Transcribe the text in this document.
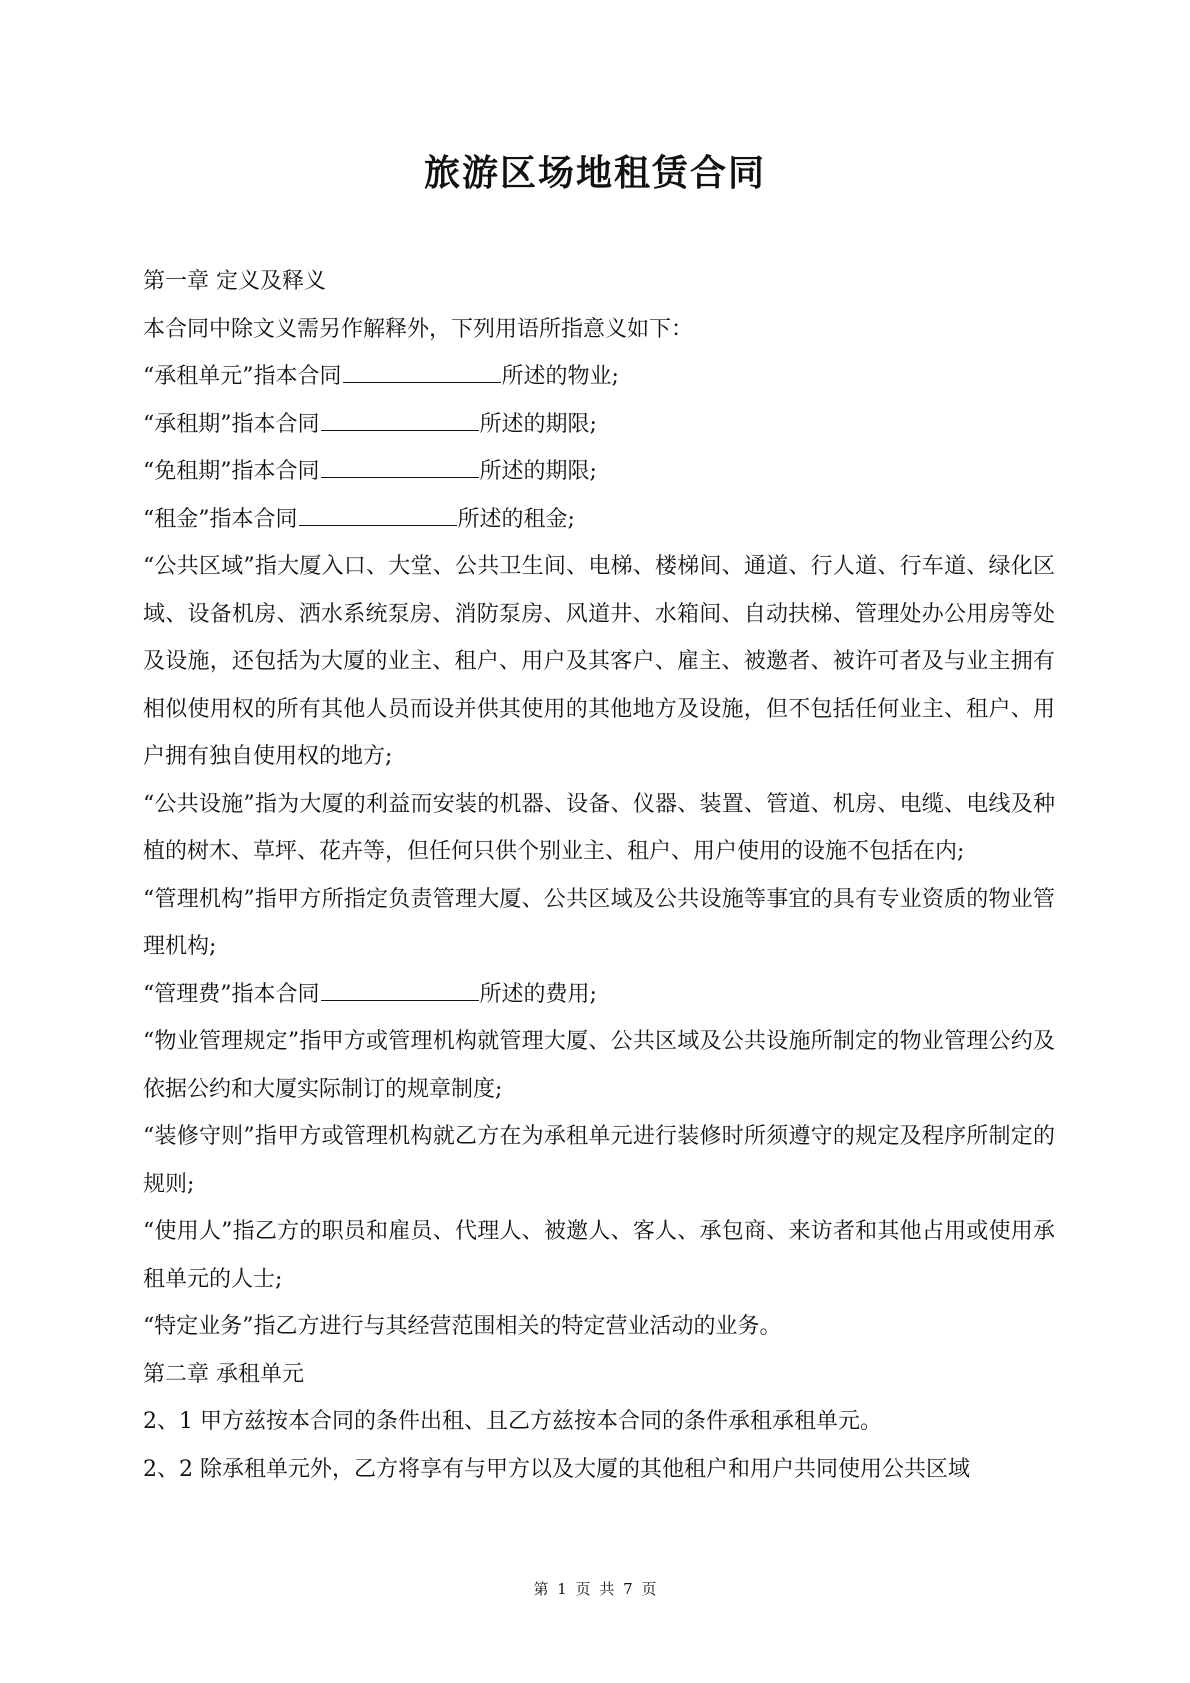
旅游区场地租赁合同

第一章 定义及释义

本合同中除文义需另作解释外，下列用语所指意义如下：

“承租单元”指本合同	所述的物业;

“承租期”指本合同	所述的期限;

“免租期”指本合同	所述的期限;

“租金”指本合同	所述的租金;

“公共区域”指大厦入口、大堂、公共卫生间、电梯、楼梯间、通道、行人道、行车道、绿化区域、设备机房、洒水系统泵房、消防泵房、风道井、水箱间、自动扶梯、管理处办公用房等处及设施，还包括为大厦的业主、租户、用户及其客户、雇主、被邀者、被许可者及与业主拥有相似使用权的所有其他人员而设并供其使用的其他地方及设施，但不包括任何业主、租户、用户拥有独自使用权的地方;

“公共设施”指为大厦的利益而安装的机器、设备、仪器、装置、管道、机房、电缆、电线及种植的树木、草坪、花卉等，但任何只供个别业主、租户、用户使用的设施不包括在内;

“管理机构”指甲方所指定负责管理大厦、公共区域及公共设施等事宜的具有专业资质的物业管理机构;

“管理费”指本合同	所述的费用;

“物业管理规定”指甲方或管理机构就管理大厦、公共区域及公共设施所制定的物业管理公约及依据公约和大厦实际制订的规章制度;

“装修守则”指甲方或管理机构就乙方在为承租单元进行装修时所须遵守的规定及程序所制定的规则;

“使用人”指乙方的职员和雇员、代理人、被邀人、客人、承包商、来访者和其他占用或使用承租单元的人士;

“特定业务”指乙方进行与其经营范围相关的特定营业活动的业务。

第二章 承租单元

2、1 甲方兹按本合同的条件出租、且乙方兹按本合同的条件承租承租单元。

2、2 除承租单元外，乙方将享有与甲方以及大厦的其他租户和用户共同使用公共区域

第 1 页 共 7 页
